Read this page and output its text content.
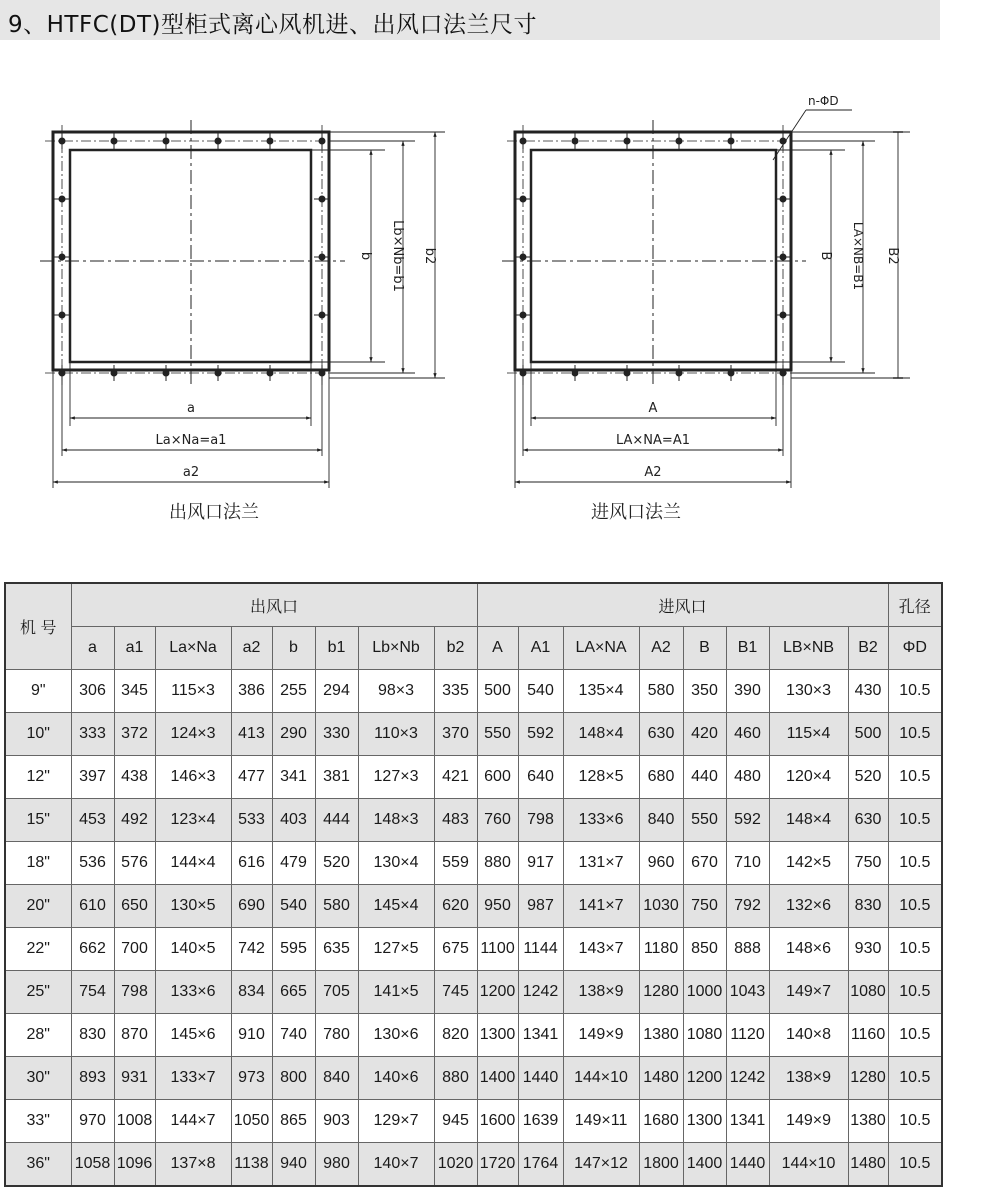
9、HTFC(DT)型柜式离心风机进、出风口法兰尺寸
a
La×Na=a1
a2
b Lb×Nb=b1 b2
出风口法兰
n-ΦD
A
LA×NA=A1
A2
B LA×NB=B1 B2
进风口法兰
机 号	出风口								进风口								孔径
	a	a1	La×Na	a2	b	b1	Lb×Nb	b2	A	A1	LA×NA	A2	B	B1	LB×NB	B2	ΦD
9"	306	345	115×3	386	255	294	98×3	335	500	540	135×4	580	350	390	130×3	430	10.5
10"	333	372	124×3	413	290	330	110×3	370	550	592	148×4	630	420	460	115×4	500	10.5
12"	397	438	146×3	477	341	381	127×3	421	600	640	128×5	680	440	480	120×4	520	10.5
15"	453	492	123×4	533	403	444	148×3	483	760	798	133×6	840	550	592	148×4	630	10.5
18"	536	576	144×4	616	479	520	130×4	559	880	917	131×7	960	670	710	142×5	750	10.5
20"	610	650	130×5	690	540	580	145×4	620	950	987	141×7	1030	750	792	132×6	830	10.5
22"	662	700	140×5	742	595	635	127×5	675	1100	1144	143×7	1180	850	888	148×6	930	10.5
25"	754	798	133×6	834	665	705	141×5	745	1200	1242	138×9	1280	1000	1043	149×7	1080	10.5
28"	830	870	145×6	910	740	780	130×6	820	1300	1341	149×9	1380	1080	1120	140×8	1160	10.5
30"	893	931	133×7	973	800	840	140×6	880	1400	1440	144×10	1480	1200	1242	138×9	1280	10.5
33"	970	1008	144×7	1050	865	903	129×7	945	1600	1639	149×11	1680	1300	1341	149×9	1380	10.5
36"	1058	1096	137×8	1138	940	980	140×7	1020	1720	1764	147×12	1800	1400	1440	144×10	1480	10.5
